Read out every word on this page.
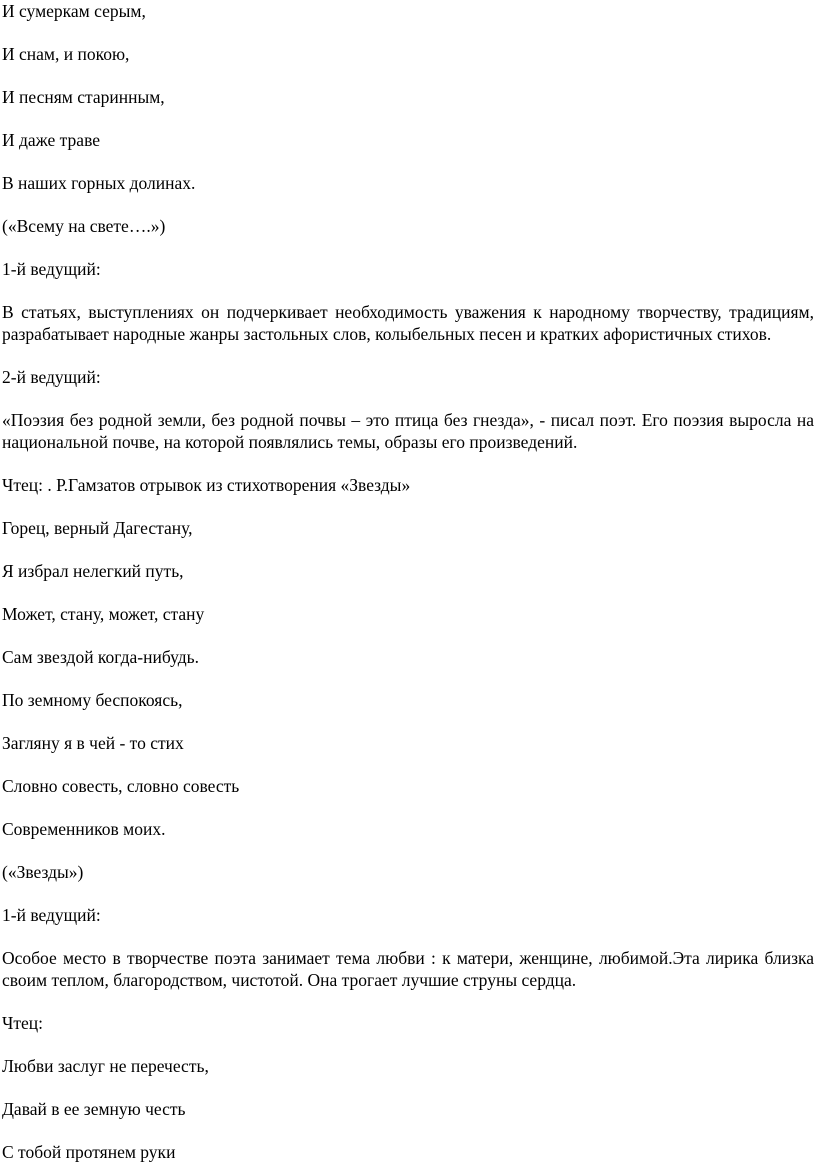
И сумеркам серым,
И снам, и покою,
И песням старинным,
И даже траве
В наших горных долинах.
(«Всему на свете….»)
1-й ведущий:
В статьях, выступлениях он подчеркивает необходимость уважения к народному творчеству, традициям, разрабатывает народные жанры застольных слов, колыбельных песен и кратких афористичных стихов.
2-й ведущий:
«Поэзия без родной земли, без родной почвы – это птица без гнезда», - писал поэт. Его поэзия выросла на национальной почве, на которой появлялись темы, образы его произведений.
Чтец: . Р.Гамзатов отрывок из стихотворения «Звезды»
Горец, верный Дагестану,
Я избрал нелегкий путь,
Может, стану, может, стану
Сам звездой когда-нибудь.
По земному беспокоясь,
Загляну я в чей - то стих
Словно совесть, словно совесть
Современников моих.
(«Звезды»)
1-й ведущий:
Особое место в творчестве поэта занимает тема любви : к матери, женщине, любимой.Эта лирика близка своим теплом, благородством, чистотой. Она трогает лучшие струны сердца.
Чтец:
Любви заслуг не перечесть,
Давай в ее земную честь
С тобой протянем руки
